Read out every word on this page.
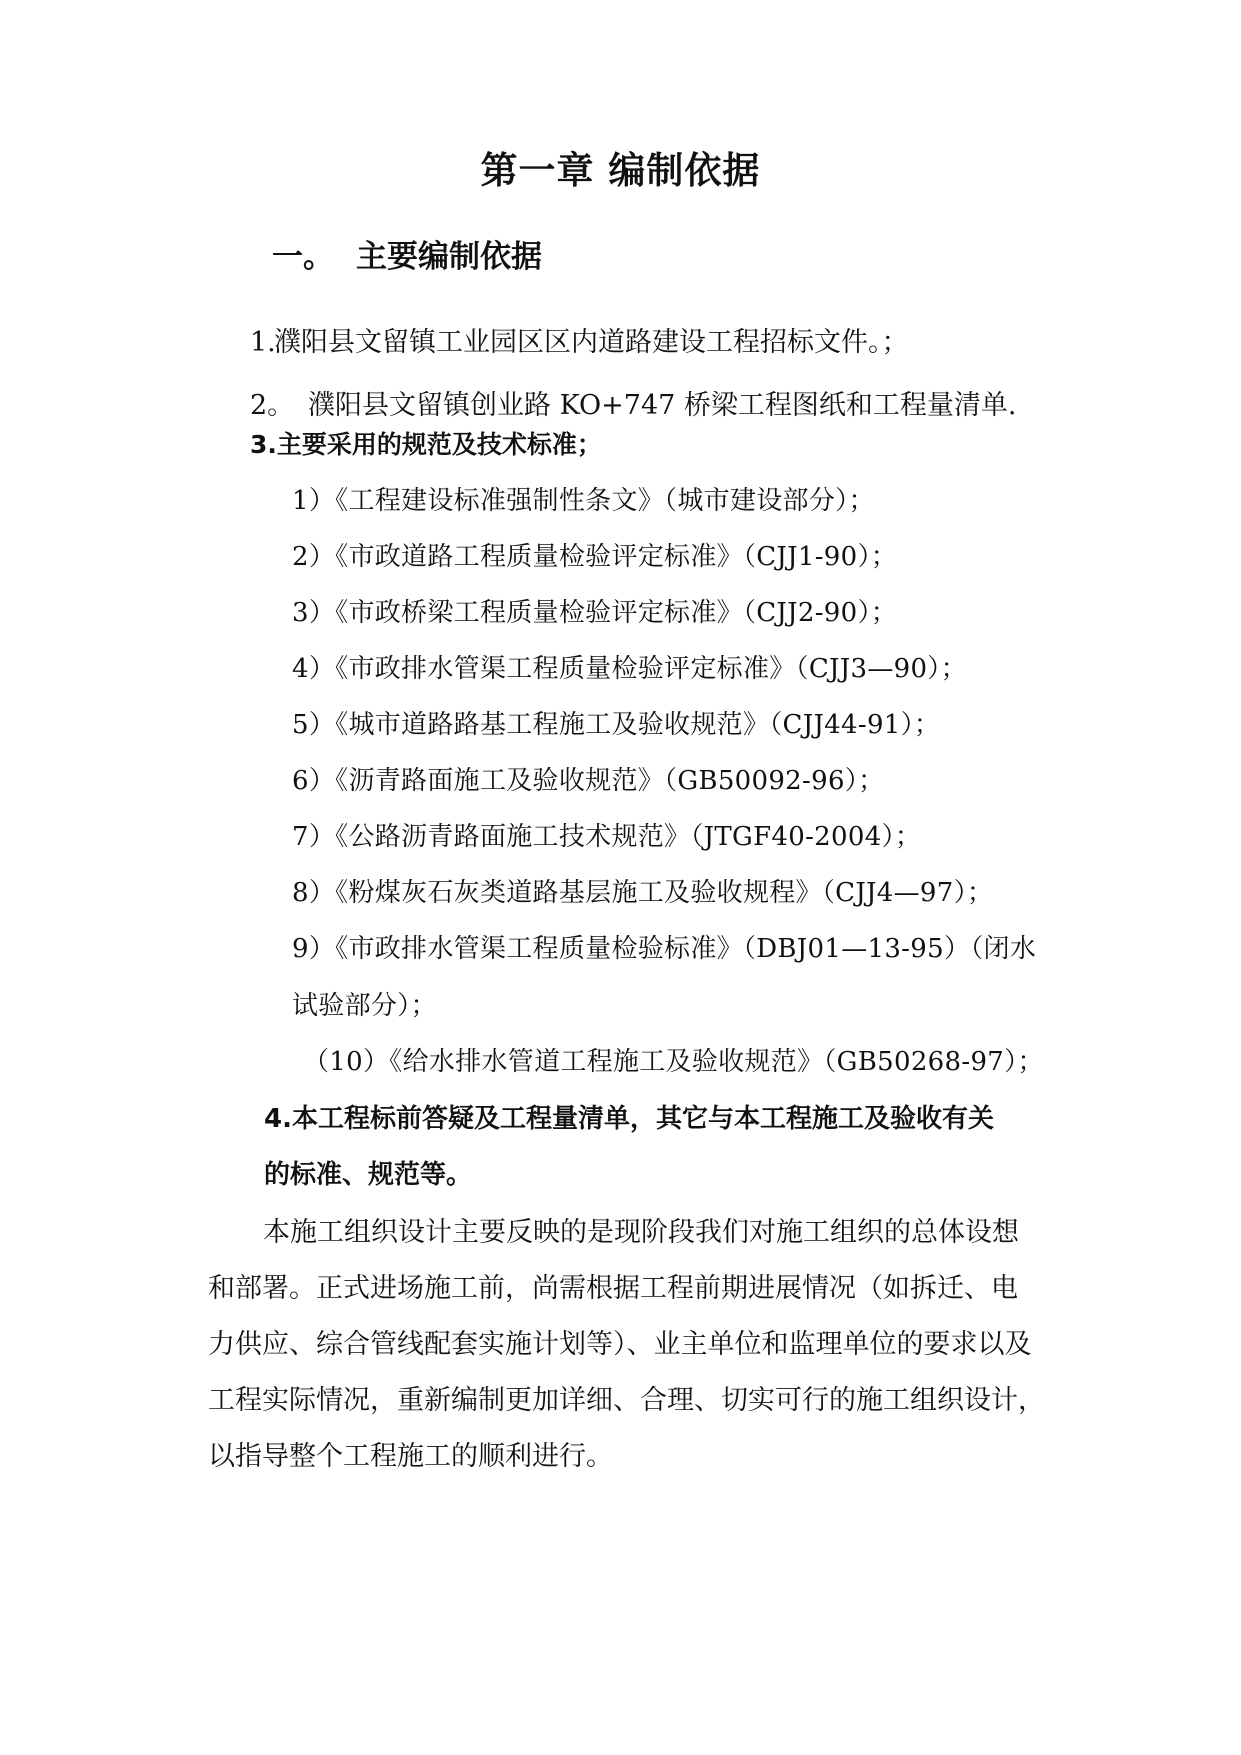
第一章 编制依据
一。 主要编制依据
1.濮阳县文留镇工业园区区内道路建设工程招标文件。；
2。 濮阳县文留镇创业路 KO+747 桥梁工程图纸和工程量清单.
3.主要采用的规范及技术标准；
1）《工程建设标准强制性条文》（城市建设部分）；
2）《市政道路工程质量检验评定标准》（CJJ1-90）；
3）《市政桥梁工程质量检验评定标准》（CJJ2-90）；
4）《市政排水管渠工程质量检验评定标准》（CJJ3—90）；
5）《城市道路路基工程施工及验收规范》（CJJ44-91）；
6）《沥青路面施工及验收规范》（GB50092-96）；
7）《公路沥青路面施工技术规范》（JTGF40-2004）；
8）《粉煤灰石灰类道路基层施工及验收规程》（CJJ4—97）；
9）《市政排水管渠工程质量检验标准》（DBJ01—13-95）（闭水
试验部分）；
（10）《给水排水管道工程施工及验收规范》（GB50268-97）；
4.本工程标前答疑及工程量清单，其它与本工程施工及验收有关
的标准、规范等。
本施工组织设计主要反映的是现阶段我们对施工组织的总体设想
和部署。正式进场施工前，尚需根据工程前期进展情况（如拆迁、电
力供应、综合管线配套实施计划等）、业主单位和监理单位的要求以及
工程实际情况，重新编制更加详细、合理、切实可行的施工组织设计，
以指导整个工程施工的顺利进行。
